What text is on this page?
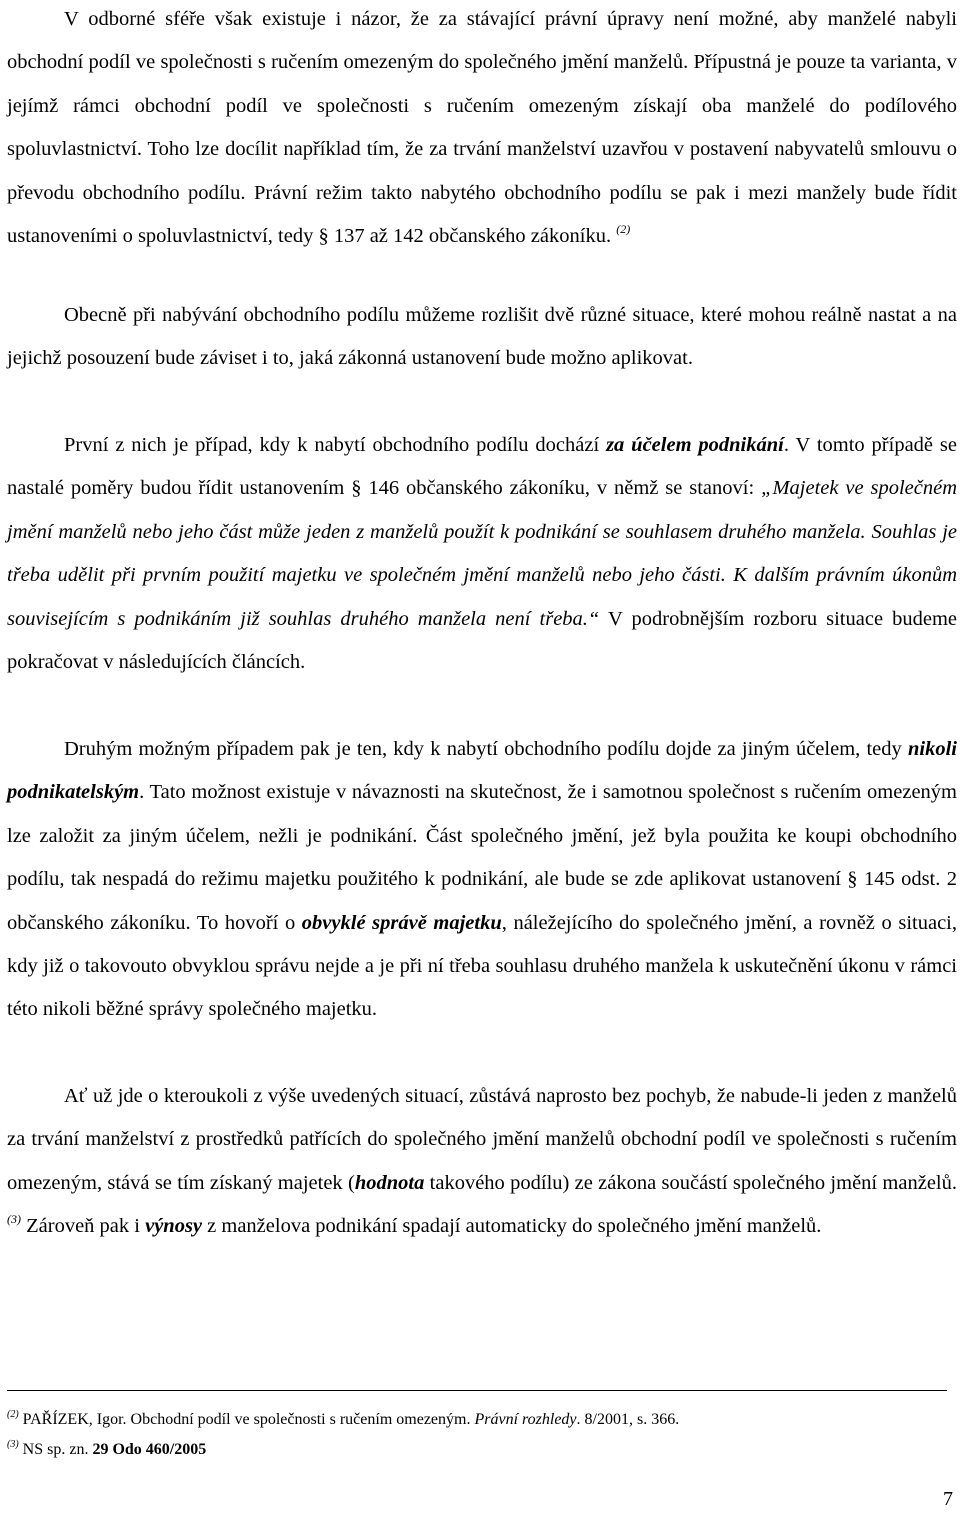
V odborné sféře však existuje i názor, že za stávající právní úpravy není možné, aby manželé nabyli obchodní podíl ve společnosti s ručením omezeným do společného jmění manželů. Přípustná je pouze ta varianta, v jejímž rámci obchodní podíl ve společnosti s ručením omezeným získají oba manželé do podílového spoluvlastnictví. Toho lze docílit například tím, že za trvání manželství uzavřou v postavení nabyvatelů smlouvu o převodu obchodního podílu. Právní režim takto nabytého obchodního podílu se pak i mezi manžely bude řídit ustanoveními o spoluvlastnictví, tedy § 137 až 142 občanského zákoníku. $^{(2)}$

Obecně při nabývání obchodního podílu můžeme rozlišit dvě různé situace, které mohou reálně nastat a na jejichž posouzení bude záviset i to, jaká zákonná ustanovení bude možno aplikovat.

První z nich je případ, kdy k nabytí obchodního podílu dochází za účelem podnikání. V tomto případě se nastalé poměry budou řídit ustanovením § 146 občanského zákoníku, v němž se stanoví: „Majetek ve společném jmění manželů nebo jeho část může jeden z manželů použít k podnikání se souhlasem druhého manžela. Souhlas je třeba udělit při prvním použití majetku ve společném jmění manželů nebo jeho části. K dalším právním úkonům souvisejícím s podnikáním již souhlas druhého manžela není třeba.“ V podrobnějším rozboru situace budeme pokračovat v následujících článcích.

Druhým možným případem pak je ten, kdy k nabytí obchodního podílu dojde za jiným účelem, tedy nikoli podnikatelským. Tato možnost existuje v návaznosti na skutečnost, že i samotnou společnost s ručením omezeným lze založit za jiným účelem, nežli je podnikání. Část společného jmění, jež byla použita ke koupi obchodního podílu, tak nespadá do režimu majetku použitého k podnikání, ale bude se zde aplikovat ustanovení § 145 odst. 2 občanského zákoníku. To hovoří o obvyklé správě majetku, náležejícího do společného jmění, a rovněž o situaci, kdy již o takovouto obvyklou správu nejde a je při ní třeba souhlasu druhého manžela k uskutečnění úkonu v rámci této nikoli běžné správy společného majetku.

Ať už jde o kteroukoli z výše uvedených situací, zůstává naprosto bez pochyb, že nabude-li jeden z manželů za trvání manželství z prostředků patřících do společného jmění manželů obchodní podíl ve společnosti s ručením omezeným, stává se tím získaný majetek (hodnota takového podílu) ze zákona součástí společného jmění manželů.$^{(3)}$ Zároveň pak i výnosy z manželova podnikání spadají automaticky do společného jmění manželů.

$^{(2)}$ PAŘÍZEK, Igor. Obchodní podíl ve společnosti s ručením omezeným. Právní rozhledy. 8/2001, s. 366.

$^{(3)}$ NS sp. zn. 29 Odo 460/2005

7
